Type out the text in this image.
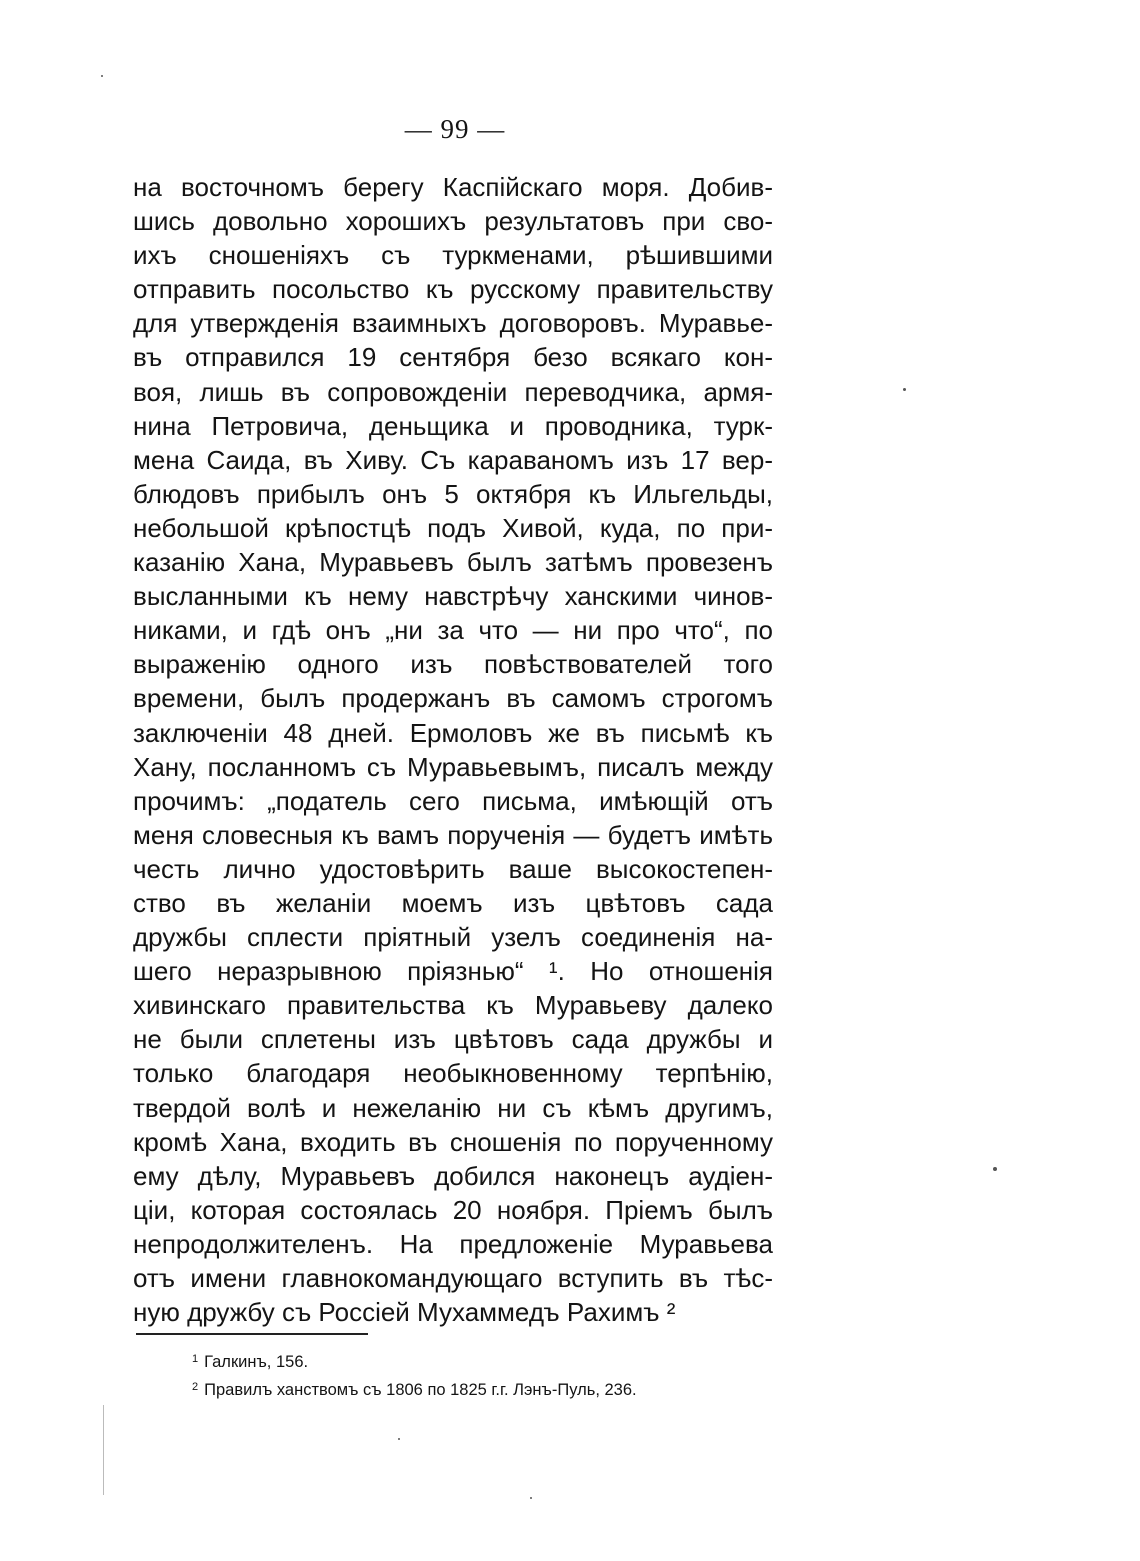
— 99 —
на восточномъ берегу Каспійскаго моря. Добив-
шись довольно хорошихъ результатовъ при сво-
ихъ сношеніяхъ съ туркменами, рѣшившими
отправить посольство къ русскому правительству
для утвержденія взаимныхъ договоровъ. Муравье-
въ отправился 19 сентября безо всякаго кон-
воя, лишь въ сопровожденіи переводчика, армя-
нина Петровича, деньщика и проводника, турк-
мена Саида, въ Хиву. Съ караваномъ изъ 17 вер-
блюдовъ прибылъ онъ 5 октября къ Ильгельды,
небольшой крѣпостцѣ подъ Хивой, куда, по при-
казанію Хана, Муравьевъ былъ затѣмъ провезенъ
высланными къ нему навстрѣчу ханскими чинов-
никами, и гдѣ онъ „ни за что — ни про что“, по
выраженію одного изъ повѣствователей того
времени, былъ продержанъ въ самомъ строгомъ
заключеніи 48 дней. Ермоловъ же въ письмѣ къ
Хану, посланномъ съ Муравьевымъ, писалъ между
прочимъ: „податель сего письма, имѣющій отъ
меня словесныя къ вамъ порученія — будетъ имѣть
честь лично удостовѣрить ваше высокостепен-
ство въ желаніи моемъ изъ цвѣтовъ сада
дружбы сплести пріятный узелъ соединенія на-
шего неразрывною пріязнью“ ¹. Но отношенія
хивинскаго правительства къ Муравьеву далеко
не были сплетены изъ цвѣтовъ сада дружбы и
только благодаря необыкновенному терпѣнію,
твердой волѣ и нежеланію ни съ кѣмъ другимъ,
кромѣ Хана, входить въ сношенія по порученному
ему дѣлу, Муравьевъ добился наконецъ аудіен-
ціи, которая состоялась 20 ноября. Пріемъ былъ
непродолжителенъ. На предложеніе Муравьева
отъ имени главнокомандующаго вступить въ тѣс-
ную дружбу съ Россіей Мухаммедъ Рахимъ ²
$^1$ Галкинъ, 156.
$^2$ Правилъ ханствомъ съ 1806 по 1825 г.г. Лэнъ-Пуль, 236.
